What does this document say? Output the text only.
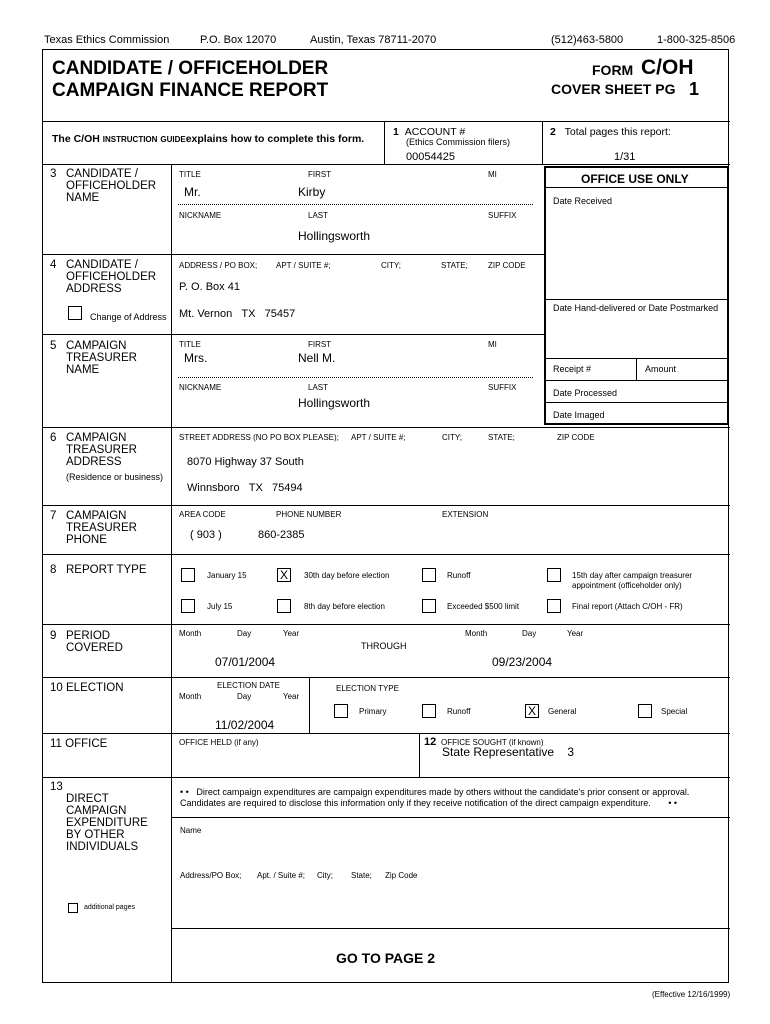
Texas Ethics Commission	P.O. Box 12070	Austin, Texas 78711-2070	(512)463-5800	1-800-325-8506
CANDIDATE / OFFICEHOLDER
CAMPAIGN FINANCE REPORT
FORM C/OH
COVER SHEET PG 1
The C/OH INSTRUCTION GUIDEexplains how to complete this form.
1 ACCOUNT #
(Ethics Commission filers)
00054425
2 Total pages this report:
1/31
OFFICE USE ONLY
Date Received
Date Hand-delivered or Date Postmarked
Receipt #	Amount
Date Processed
Date Imaged
3 CANDIDATE /
OFFICEHOLDER
NAME
TITLE	FIRST	MI
Mr.	Kirby
NICKNAME	LAST	SUFFIX
Hollingsworth
4 CANDIDATE /
OFFICEHOLDER
ADDRESS
Change of Address
ADDRESS / PO BOX; APT / SUITE #;	CITY;	STATE;	ZIP CODE
P. O. Box 41
Mt. Vernon TX 75457
5 CAMPAIGN
TREASURER
NAME
TITLE	FIRST	MI
Mrs.	Nell M.
NICKNAME	LAST	SUFFIX
Hollingsworth
6 CAMPAIGN
TREASURER
ADDRESS
(Residence or business)
STREET ADDRESS (NO PO BOX PLEASE); APT / SUITE #;	CITY;	STATE;	ZIP CODE
8070 Highway 37 South
Winnsboro TX 75494
7 CAMPAIGN
TREASURER
PHONE
AREA CODE	PHONE NUMBER	EXTENSION
( 903 )	860-2385
8 REPORT TYPE	January 15	X	30th day before election	Runoff	15th day after campaign treasurer
appointment (officeholder only)
July 15	8th day before election	Exceeded $500 limit	Final report (Attach C/OH - FR)
9 PERIOD
COVERED
Month	Day	Year
THROUGH
Month	Day	Year
07/01/2004	09/23/2004
10 ELECTION	ELECTION DATE
Month	Day	Year
ELECTION TYPE
Primary	Runoff	X	General	Special
11/02/2004
11 OFFICE	OFFICE HELD (if any)	12 OFFICE SOUGHT (if known)
State Representative 3
13
DIRECT
CAMPAIGN
EXPENDITURE
BY OTHER
INDIVIDUALS
• • Direct campaign expenditures are campaign expenditures made by others without the candidate's prior consent or approval.
Candidates are required to disclose this information only if they receive notification of the direct campaign expenditure. • •
Name
Address/PO Box; Apt. / Suite #; City; State; Zip Code
additional pages
GO TO PAGE 2
(Effective 12/16/1999)
